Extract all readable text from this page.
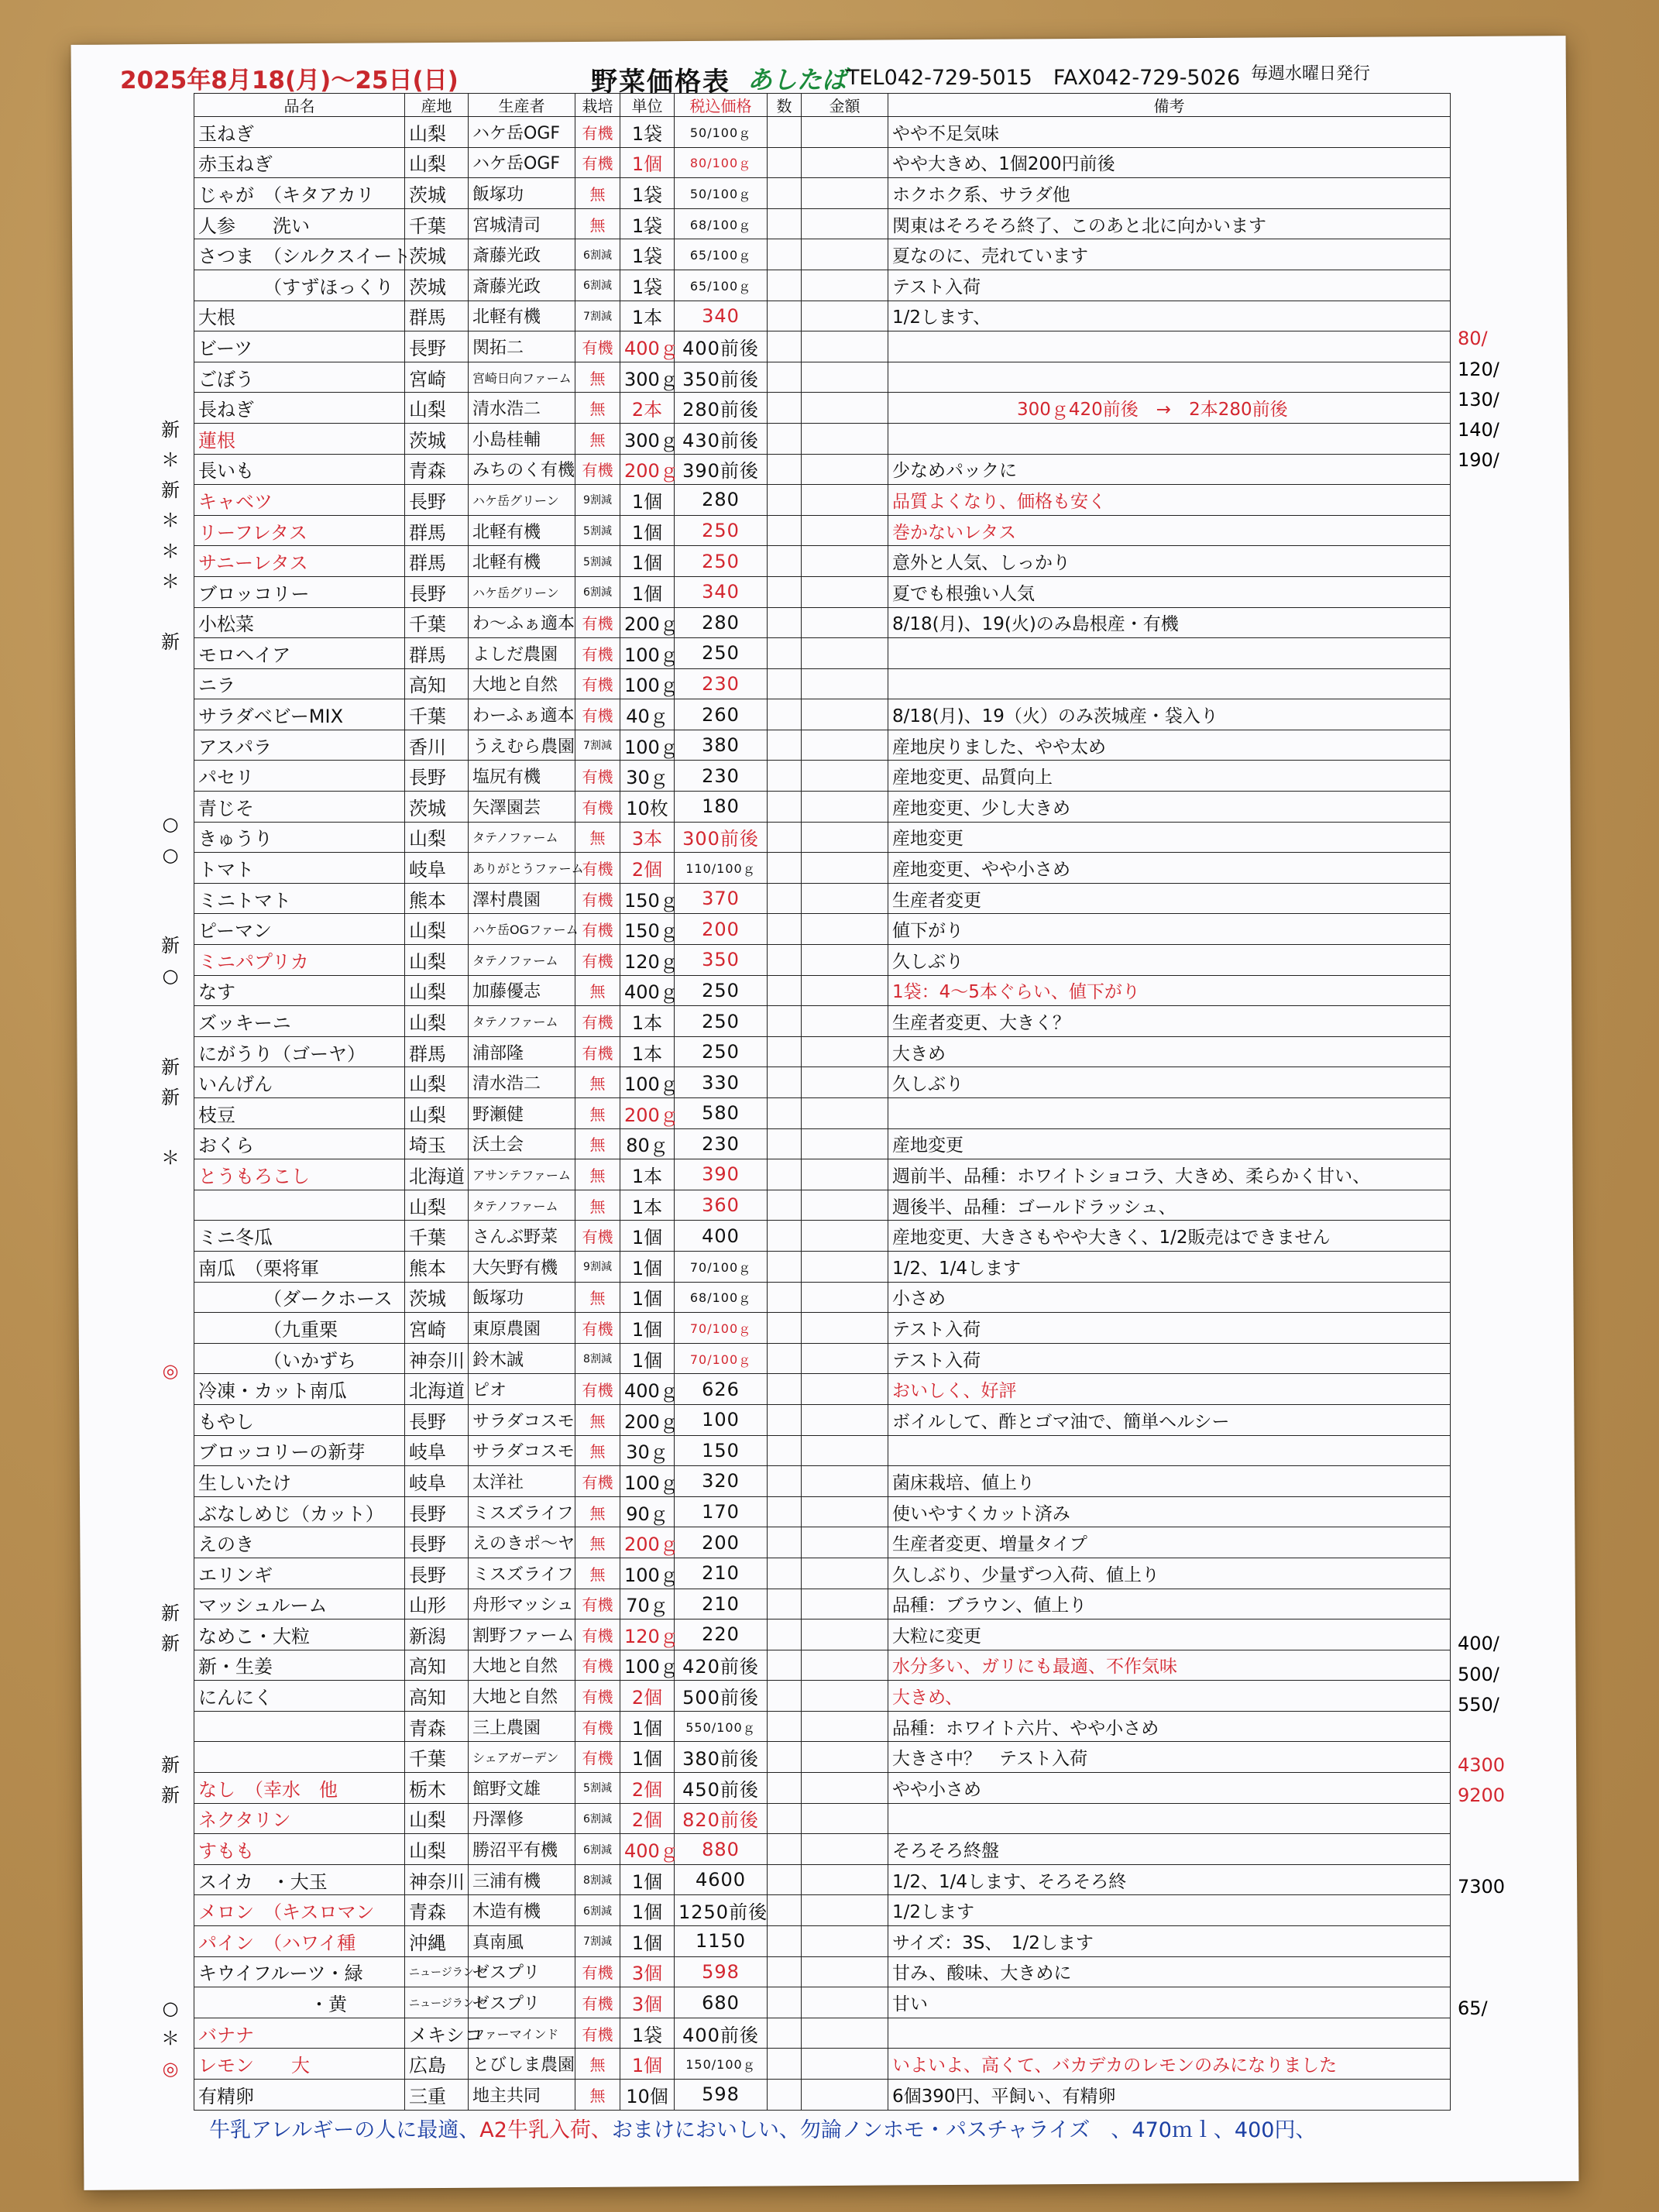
2025年8月18(月)～25日(日)	野菜価格表 あしたば TEL042-729-5015　FAX042-729-5026 毎週水曜日発行
新
＊
新
＊
＊
＊
新
○
○
新
○
新
新
＊
◎
新
新
新
新
○
＊
◎
品名	産地	生産者	栽培	単位	税込価格	数	金額	備考
玉ねぎ	山梨	ハケ岳OGF	有機	1袋	50/100ｇ			やや不足気味
赤玉ねぎ	山梨	ハケ岳OGF	有機	1個	80/100ｇ			やや大きめ、1個200円前後
じゃが　（キタアカリ	茨城	飯塚功	無	1袋	50/100ｇ			ホクホク系、サラダ他
人参　　洗い	千葉	宮城清司	無	1袋	68/100ｇ			関東はそろそろ終了、このあと北に向かいます
さつま　（シルクスイート	茨城	斎藤光政	6割減	1袋	65/100ｇ			夏なのに、売れています
　　　　（すずほっくり	茨城	斎藤光政	6割減	1袋	65/100ｇ			テスト入荷
大根	群馬	北軽有機	7割減	1本	340			1/2します、
ビーツ	長野	関拓二	有機	400ｇ	400前後			
ごぼう	宮崎	宮崎日向ファーム	無	300ｇ	350前後			
長ねぎ	山梨	清水浩二	無	2本	280前後			　　　　　　　300ｇ420前後　→　2本280前後
蓮根	茨城	小島桂輔	無	300ｇ	430前後			
長いも	青森	みちのく有機	有機	200ｇ	390前後			少なめパックに
キャベツ	長野	ハケ岳グリーン	9割減	1個	280			品質よくなり、価格も安く
リーフレタス	群馬	北軽有機	5割減	1個	250			巻かないレタス
サニーレタス	群馬	北軽有機	5割減	1個	250			意外と人気、しっかり
ブロッコリー	長野	ハケ岳グリーン	6割減	1個	340			夏でも根強い人気
小松菜	千葉	わ～ふぁ適本	有機	200ｇ	280			8/18(月)、19(火)のみ島根産・有機
モロヘイア	群馬	よしだ農園	有機	100ｇ	250			
ニラ	高知	大地と自然	有機	100ｇ	230			
サラダベビーMIX	千葉	わーふぁ適本	有機	40ｇ	260			8/18(月)、19（火）のみ茨城産・袋入り
アスパラ	香川	うえむら農園	7割減	100ｇ	380			産地戻りました、やや太め
パセリ	長野	塩尻有機	有機	30ｇ	230			産地変更、品質向上
青じそ	茨城	矢澤園芸	有機	10枚	180			産地変更、少し大きめ
きゅうり	山梨	タテノファーム	無	3本	300前後			産地変更
トマト	岐阜	ありがとうファーム	有機	2個	110/100ｇ			産地変更、やや小さめ
ミニトマト	熊本	澤村農園	有機	150ｇ	370			生産者変更
ピーマン	山梨	ハケ岳OGファーム	有機	150ｇ	200			値下がり
ミニパプリカ	山梨	タテノファーム	有機	120ｇ	350			久しぶり
なす	山梨	加藤優志	無	400ｇ	250			1袋：4～5本ぐらい、値下がり
ズッキーニ	山梨	タテノファーム	有機	1本	250			生産者変更、大きく？
にがうり（ゴーヤ）	群馬	浦部隆	有機	1本	250			大きめ
いんげん	山梨	清水浩二	無	100ｇ	330			久しぶり
枝豆	山梨	野瀬健	無	200ｇ	580			
おくら	埼玉	沃土会	無	80ｇ	230			産地変更
とうもろこし	北海道	アサンテファーム	無	1本	390			週前半、品種：ホワイトショコラ、大きめ、柔らかく甘い、
	山梨	タテノファーム	無	1本	360			週後半、品種：ゴールドラッシュ、
ミニ冬瓜	千葉	さんぶ野菜	有機	1個	400			産地変更、大きさもやや大きく、1/2販売はできません
南瓜　（栗将軍	熊本	大矢野有機	9割減	1個	70/100ｇ			1/2、1/4します
　　　　（ダークホース	茨城	飯塚功	無	1個	68/100ｇ			小さめ
　　　　（九重栗	宮崎	東原農園	有機	1個	70/100ｇ			テスト入荷
　　　　（いかずち	神奈川	鈴木誠	8割減	1個	70/100ｇ			テスト入荷
冷凍・カット南瓜	北海道	ピオ	有機	400ｇ	626			おいしく、好評
もやし	長野	サラダコスモ	無	200ｇ	100			ボイルして、酢とゴマ油で、簡単ヘルシー
ブロッコリーの新芽	岐阜	サラダコスモ	無	30ｇ	150			
生しいたけ	岐阜	太洋社	有機	100ｇ	320			菌床栽培、値上り
ぶなしめじ（カット）	長野	ミスズライフ	無	90ｇ	170			使いやすくカット済み
えのき	長野	えのきポ～ヤ	無	200ｇ	200			生産者変更、増量タイプ
エリンギ	長野	ミスズライフ	無	100ｇ	210			久しぶり、少量ずつ入荷、値上り
マッシュルーム	山形	舟形マッシュ	有機	70ｇ	210			品種：ブラウン、値上り
なめこ・大粒	新潟	割野ファーム	有機	120ｇ	220			大粒に変更
新・生姜	高知	大地と自然	有機	100ｇ	420前後			水分多い、ガリにも最適、不作気味
にんにく	高知	大地と自然	有機	2個	500前後			大きめ、
	青森	三上農園	有機	1個	550/100ｇ			品種：ホワイト六片、やや小さめ
	千葉	シェアガーデン	有機	1個	380前後			大きさ中？　テスト入荷
なし　（幸水　他	栃木	館野文雄	5割減	2個	450前後			やや小さめ
ネクタリン	山梨	丹澤修	6割減	2個	820前後			
すもも	山梨	勝沼平有機	6割減	400ｇ	880			そろそろ終盤
スイカ　・大玉	神奈川	三浦有機	8割減	1個	4600			1/2、1/4します、そろそろ終
メロン　（キスロマン	青森	木造有機	6割減	1個	1250前後			1/2します
パイン　（ハワイ種	沖縄	真南風	7割減	1個	1150			サイズ：3S、　1/2します
キウイフルーツ・緑	ニュージランド	ゼスプリ	有機	3個	598			甘み、酸味、大きめに
　　　　　　・黄	ニュージランド	ゼスプリ	有機	3個	680			甘い
バナナ	メキシコ	ファーマインド	有機	1袋	400前後			
レモン　　大	広島	とびしま農園	無	1個	150/100ｇ			いよいよ、高くて、バカデカのレモンのみになりました
有精卵	三重	地主共同	無	10個	598			6個390円、平飼い、有精卵
80/
120/
130/
140/
190/
400/
500/
550/
4300
9200
7300
65/
牛乳アレルギーの人に最適、A2牛乳入荷、おまけにおいしい、勿論ノンホモ・パスチャライズ　、470ｍｌ、400円、
